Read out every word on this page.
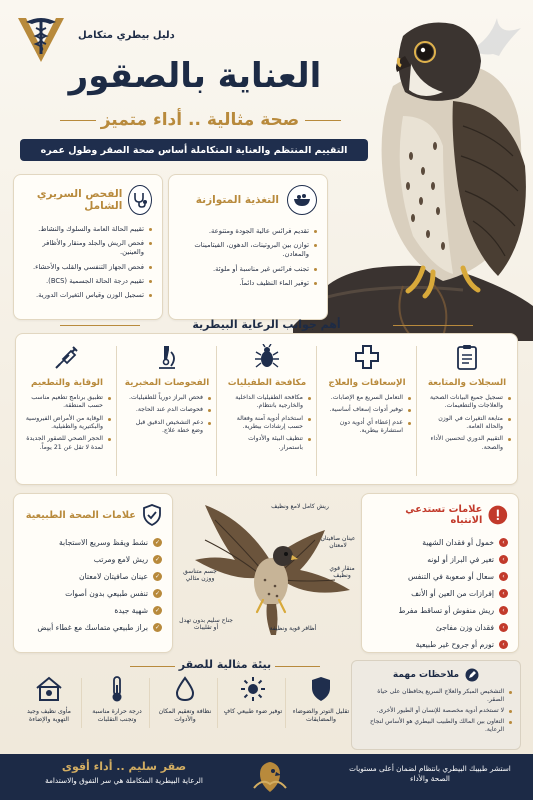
دليل بيطري متكامل
العناية بالصقور
صحة مثالية .. أداء متميز
التقييم المنتظم والعناية المتكاملة أساس صحة الصقر وطول عمره
التغذية المتوازنة
تقديم فرائس عالية الجودة ومتنوعة.
توازن بين البروتينات، الدهون، الفيتامينات والمعادن.
تجنب فرائس غير مناسبة أو ملوثة.
توفير الماء النظيف دائماً.
الفحص السريري الشامل
تقييم الحالة العامة والسلوك والنشاط.
فحص الريش والجلد ومنقار والأظافر والعينين.
فحص الجهاز التنفسي والقلب والأحشاء.
تقييم درجة الحالة الجسمية (BCS).
تسجيل الوزن وقياس التغيرات الدورية.
أهم جوانب الرعاية البيطرية
السجلات والمتابعة
تسجيل جميع البيانات الصحية والعلاجات والتطعيمات.
متابعة التغيرات في الوزن والحالة العامة.
التقييم الدوري لتحسين الأداء والصحة.
الإسعافات والعلاج
التعامل السريع مع الإصابات.
توفير أدوات إسعاف أساسية.
عدم إعطاء أي أدوية دون استشارة بيطرية.
مكافحة الطفيليات
مكافحة الطفيليات الداخلية والخارجية بانتظام.
استخدام أدوية آمنة وفعالة حسب إرشادات بيطرية.
تنظيف البيئة والأدوات باستمرار.
الفحوصات المخبرية
فحص البراز دورياً للطفيليات.
فحوصات الدم عند الحاجة.
دعم التشخيص الدقيق قبل وضع خطة علاج.
الوقاية والتطعيم
تطبيق برنامج تطعيم مناسب حسب المنطقة.
الوقاية من الأمراض الفيروسية والبكتيرية والطفيلية.
الحجر الصحي للصقور الجديدة لمدة لا تقل عن 21 يوماً.
علامات تستدعي الانتباه
›
خمول أو فقدان الشهية
›
تغير في البراز أو لونه
›
سعال أو صعوبة في التنفس
›
إفرازات من العين أو الأنف
›
ريش منفوش أو تساقط مفرط
›
فقدان وزن مفاجئ
›
تورم أو جروح غير طبيعية
ريش كامل لامع ونظيف
عينان صافيتان لامعتان
منقار قوي ونظيف
جسم متناسق ووزن مثالي
جناح سليم بدون تهدل أو تقليبات	أظافر قوية ونظيفة
علامات الصحة الطبيعية
✓
نشط ويقظ وسريع الاستجابة
✓
ريش لامع ومرتب
✓
عينان صافيتان لامعتان
✓
تنفس طبيعي بدون أصوات
✓
شهية جيدة
✓
براز طبيعي متماسك مع غطاء أبيض
بيئة مثالية للصقر
تقليل التوتر والضوضاء والمضايقات
توفير ضوء طبيعي كافٍ
نظافة وتعقيم المكان والأدوات
درجة حرارة مناسبة وتجنب التقلبات
مأوى نظيف وجيد التهوية والإضاءة
ملاحظات مهمة
التشخيص المبكر والعلاج السريع يحافظان على حياة الصقر.
لا تستخدم أدوية مخصصة للإنسان أو الطيور الأخرى.
التعاون بين المالك والطبيب البيطري هو الأساس لنجاح الرعاية.
استشر طبيبك البيطري بانتظام لضمان أعلى مستويات الصحة والأداء
صقر سليم .. أداء أقوى
الرعاية البيطرية المتكاملة هي سر التفوق والاستدامة
